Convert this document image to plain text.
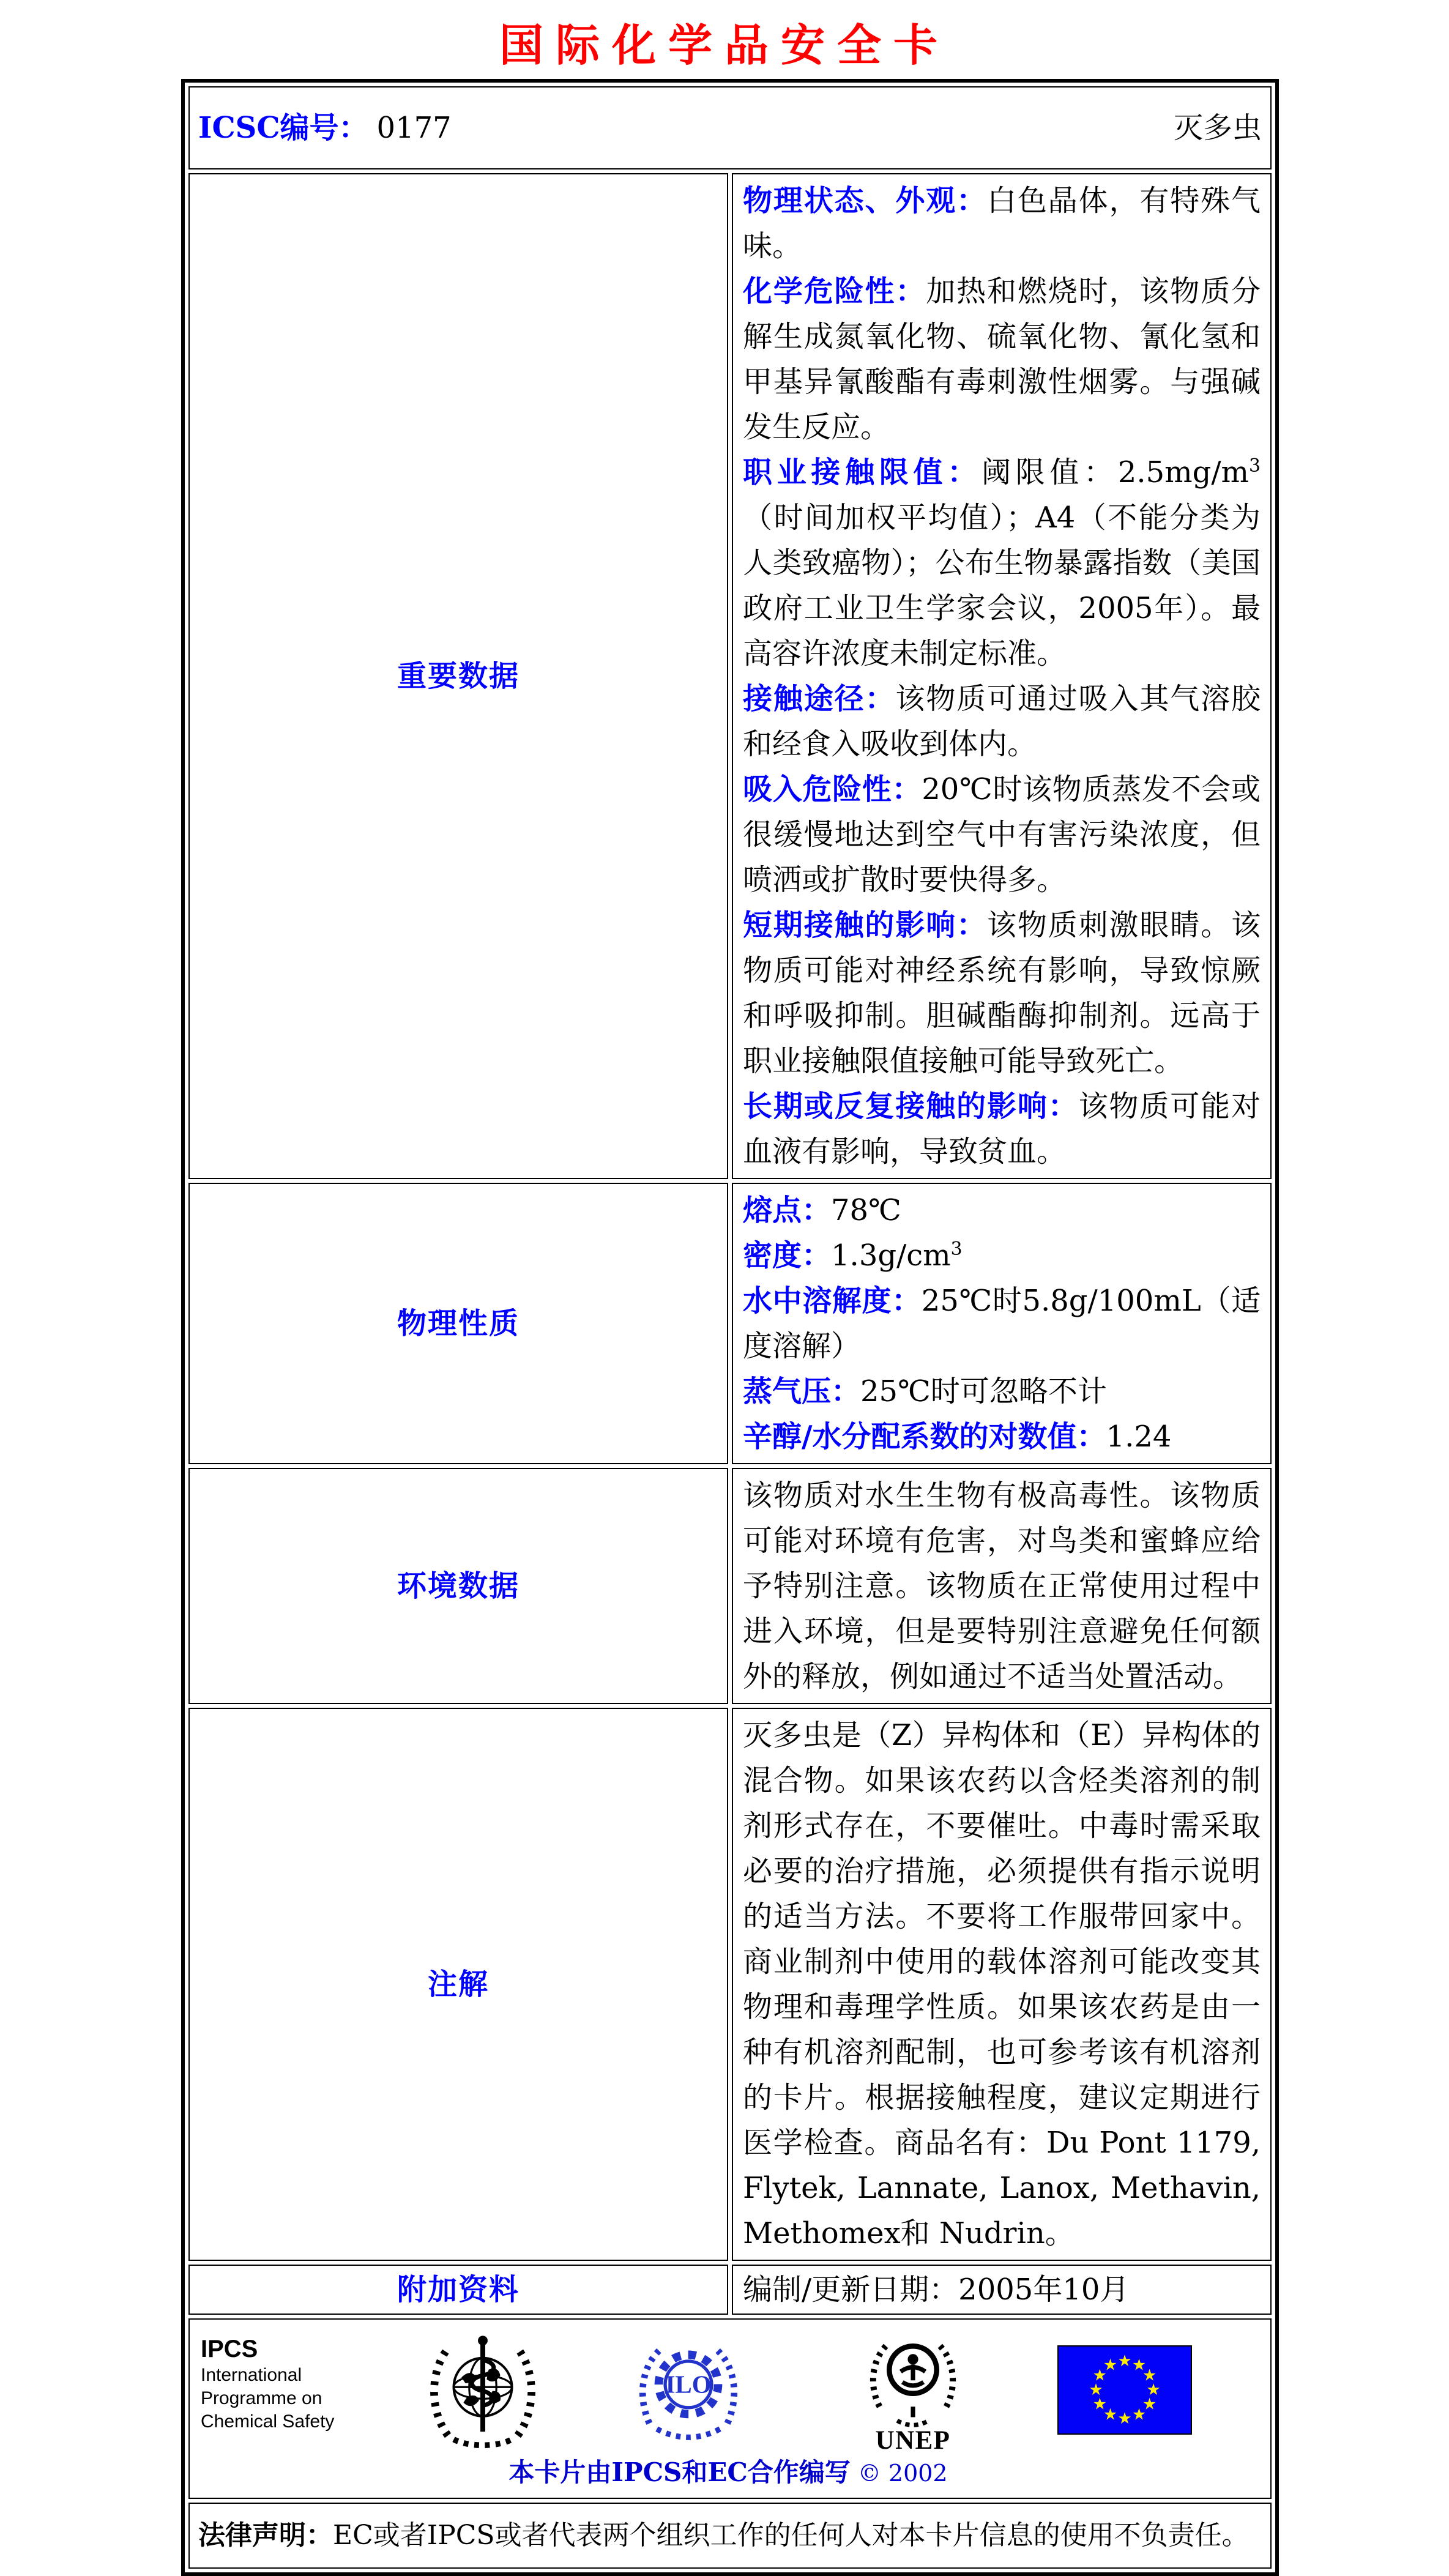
国际化学品安全卡
ICSC编号： 0177 灭多虫	

重要数据	
物理状态、外观：白色晶体，有特殊气味。
化学危险性：加热和燃烧时，该物质分解生成氮氧化物、硫氧化物、氰化氢和甲基异氰酸酯有毒刺激性烟雾。与强碱发生反应。
职业接触限值：阈限值：$2.5mg/m^3$（时间加权平均值）；A4（不能分类为人类致癌物）；公布生物暴露指数（美国政府工业卫生学家会议，2005年）。最高容许浓度未制定标准。
接触途径：该物质可通过吸入其气溶胶和经食入吸收到体内。
吸入危险性：20℃时该物质蒸发不会或很缓慢地达到空气中有害污染浓度，但喷洒或扩散时要快得多。
短期接触的影响：该物质刺激眼睛。该物质可能对神经系统有影响，导致惊厥和呼吸抑制。胆碱酯酶抑制剂。远高于职业接触限值接触可能导致死亡。
长期或反复接触的影响：该物质可能对血液有影响，导致贫血。

物理性质	熔点：78℃
密度：$1.3g/cm^3$
水中溶解度：25℃时5.8g/100mL（适度溶解）
蒸气压：25℃时可忽略不计
辛醇/水分配系数的对数值：1.24

环境数据	该物质对水生生物有极高毒性。该物质可能对环境有危害，对鸟类和蜜蜂应给予特别注意。该物质在正常使用过程中进入环境，但是要特别注意避免任何额外的释放，例如通过不适当处置活动。

注解	灭多虫是（Z）异构体和（E）异构体的混合物。如果该农药以含烃类溶剂的制剂形式存在，不要催吐。中毒时需采取必要的治疗措施，必须提供有指示说明的适当方法。不要将工作服带回家中。商业制剂中使用的载体溶剂可能改变其物理和毒理学性质。如果该农药是由一种有机溶剂配制，也可参考该有机溶剂的卡片。根据接触程度，建议定期进行医学检查。商品名有：Du Pont 1179, Flytek, Lannate, Lanox, Methavin, Methomex和 Nudrin。

附加资料	编制/更新日期：2005年10月

IPCS
International
Programme on
Chemical Safety
ILO
UNEP
★ ★
★
★
★
★
★
★
★
★
★
★
本卡片由IPCS和EC合作编写 © 2002

法律声明：EC或者IPCS或者代表两个组织工作的任何人对本卡片信息的使用不负责任。	
